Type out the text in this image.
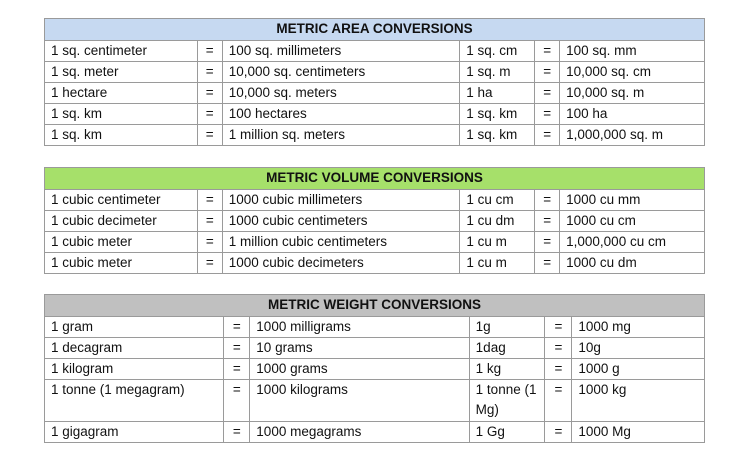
METRIC AREA CONVERSIONS					
1 sq. centimeter	=	100 sq. millimeters	1 sq. cm	=	100 sq. mm
1 sq. meter	=	10,000 sq. centimeters	1 sq. m	=	10,000 sq. cm
1 hectare	=	10,000 sq. meters	1 ha	=	10,000 sq. m
1 sq. km	=	100 hectares	1 sq. km	=	100 ha
1 sq. km	=	1 million sq. meters	1 sq. km	=	1,000,000 sq. m
METRIC VOLUME CONVERSIONS					
1 cubic centimeter	=	1000 cubic millimeters	1 cu cm	=	1000 cu mm
1 cubic decimeter	=	1000 cubic centimeters	1 cu dm	=	1000 cu cm
1 cubic meter	=	1 million cubic centimeters	1 cu m	=	1,000,000 cu cm
1 cubic meter	=	1000 cubic decimeters	1 cu m	=	1000 cu dm
METRIC WEIGHT CONVERSIONS					
1 gram	=	1000 milligrams	1g	=	1000 mg
1 decagram	=	10 grams	1dag	=	10g
1 kilogram	=	1000 grams	1 kg	=	1000 g
1 tonne (1 megagram)	=	1000 kilograms	1 tonne (1 Mg)	=	1000 kg
1 gigagram	=	1000 megagrams	1 Gg	=	1000 Mg
